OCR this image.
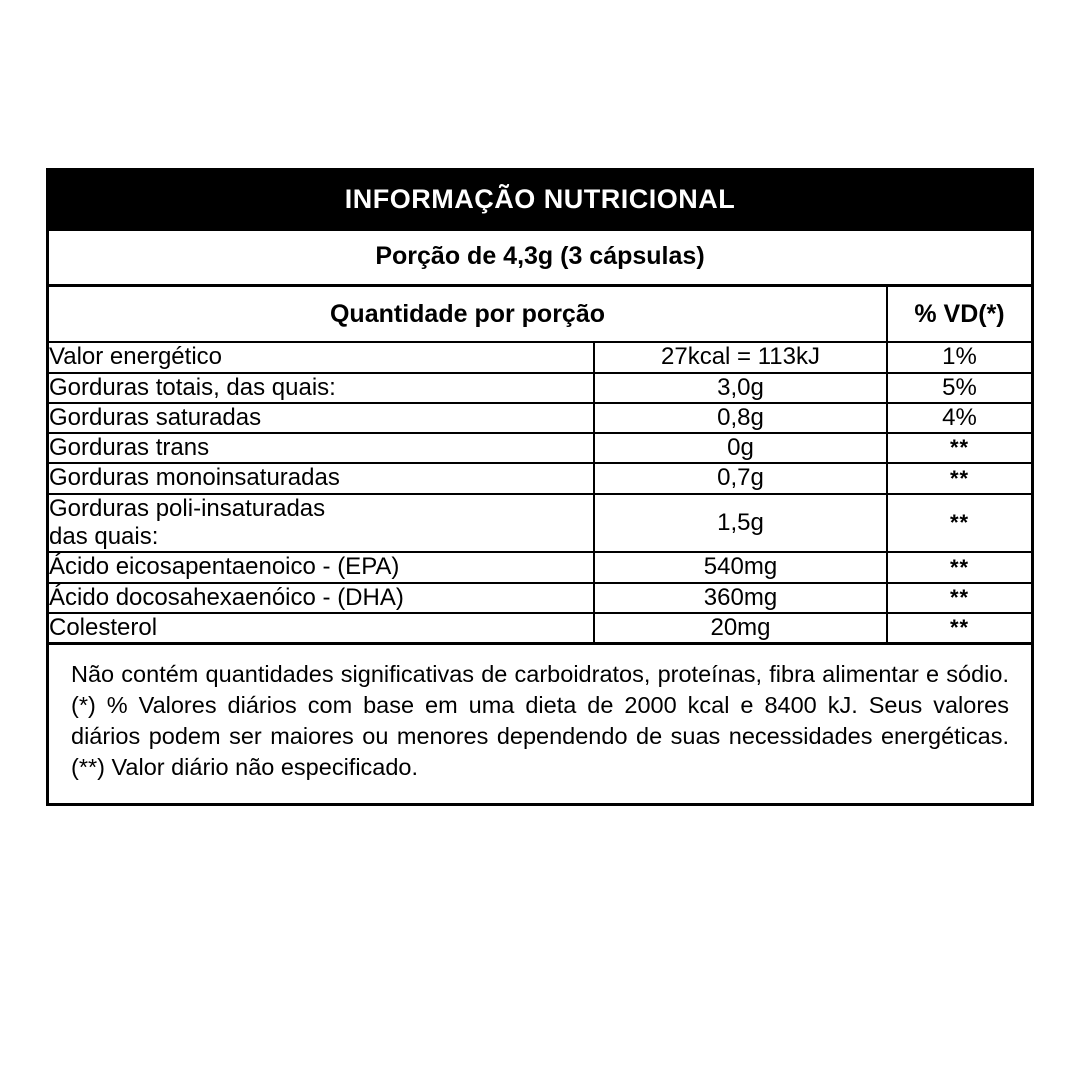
INFORMAÇÃO NUTRICIONAL
Porção de 4,3g (3 cápsulas)
Quantidade por porção		% VD(*)
Valor energético	27kcal = 113kJ	1%
Gorduras totais, das quais:	3,0g	5%
Gorduras saturadas	0,8g	4%
Gorduras trans	0g	**
Gorduras monoinsaturadas	0,7g	**

Gorduras poli-insaturadas
das quais:	1,5g	**
Ácido eicosapentaenoico - (EPA)	540mg	**
Ácido docosahexaenóico - (DHA)	360mg	**
Colesterol	20mg	**
Não contém quantidades significativas de carboidratos, proteínas, fibra alimentar e sódio. (*) % Valores diários com base em uma dieta de 2000 kcal e 8400 kJ. Seus valores diários podem ser maiores ou menores dependendo de suas necessidades energéticas. (**) Valor diário não especificado.
